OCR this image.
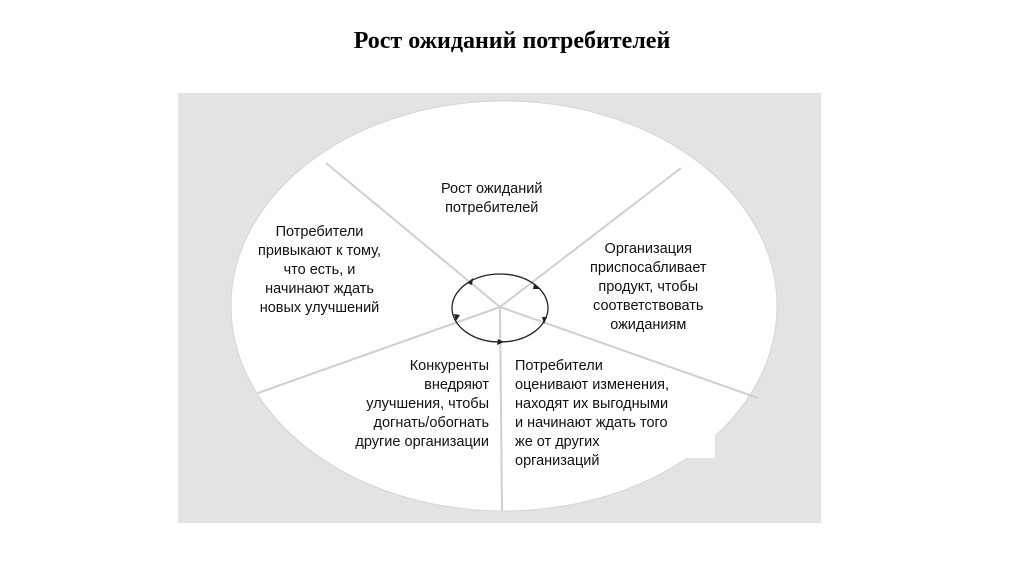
Рост ожиданий потребителей
Рост ожиданий
потребителей
Организация
приспосабливает
продукт, чтобы
соответствовать
ожиданиям
Потребители
оценивают изменения,
находят их выгодными
и начинают ждать того
же от других
организаций
Конкуренты
внедряют
улучшения, чтобы
догнать/обогнать
другие организации
Потребители
привыкают к тому,
что есть, и
начинают ждать
новых улучшений
